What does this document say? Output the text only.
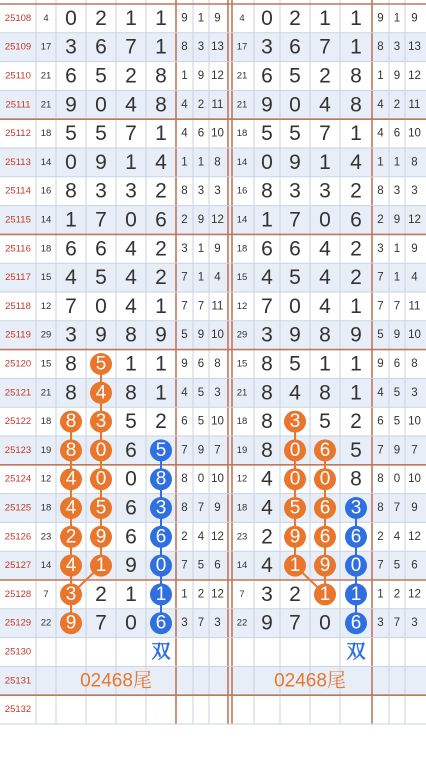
25108 4 0 2 1 1 9 1 9 4 0 2 1 1 9 1 9
25109 17 3 6 7 1 8 3 13 17 3 6 7 1 8 3 13
25110 21 6 5 2 8 1 9 12 21 6 5 2 8 1 9 12
25111 21 9 0 4 8 4 2 11 21 9 0 4 8 4 2 11
25112 18 5 5 7 1 4 6 10 18 5 5 7 1 4 6 10
25113 14 0 9 1 4 1 1 8 14 0 9 1 4 1 1 8
25114 16 8 3 3 2 8 3 3 16 8 3 3 2 8 3 3
25115 14 1 7 0 6 2 9 12 14 1 7 0 6 2 9 12
25116 18 6 6 4 2 3 1 9 18 6 6 4 2 3 1 9
25117 15 4 5 4 2 7 1 4 15 4 5 4 2 7 1 4
25118 12 7 0 4 1 7 7 11 12 7 0 4 1 7 7 11
25119 29 3 9 8 9 5 9 10 29 3 9 8 9 5 9 10
25120 15 8 5 1 1 9 6 8 15 8 5 1 1 9 6 8
25121 21 8 4 8 1 4 5 3 21 8 4 8 1 4 5 3
25122 18 8 3 5 2 6 5 10 18 8 3 5 2 6 5 10
25123 19 8 0 6 5 7 9 7 19 8 0 6 5 7 9 7
25124 12 4 0 0 8 8 0 10 12 4 0 0 8 8 0 10
25125 18 4 5 6 3 8 7 9 18 4 5 6 3 8 7 9
25126 23 2 9 6 6 2 4 12 23 2 9 6 6 2 4 12
25127 14 4 1 9 0 7 5 6 14 4 1 9 0 7 5 6
25128 7 3 2 1 1 1 2 12 7 3 2 1 1 1 2 12
25129 22 9 7 0 6 3 7 3 22 9 7 0 6 3 7 3
25130
25131
25132
双	双
02468尾	02468尾
